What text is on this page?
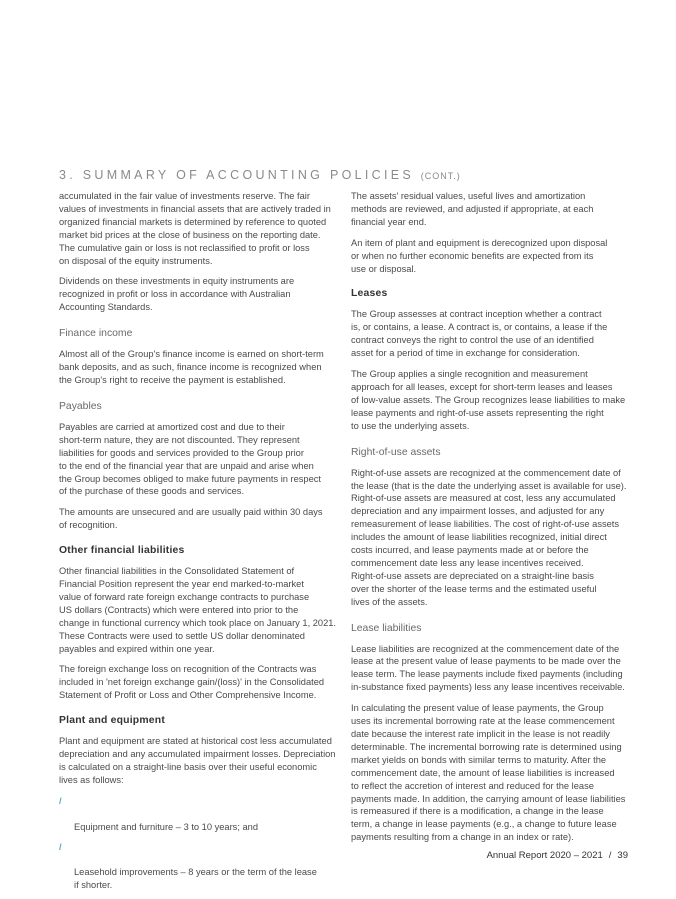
3. SUMMARY OF ACCOUNTING POLICIES (CONT.)

accumulated in the fair value of investments reserve. The fair
values of investments in financial assets that are actively traded in
organized financial markets is determined by reference to quoted
market bid prices at the close of business on the reporting date.
The cumulative gain or loss is not reclassified to profit or loss
on disposal of the equity instruments.

Dividends on these investments in equity instruments are
recognized in profit or loss in accordance with Australian
Accounting Standards.

Finance income

Almost all of the Group's finance income is earned on short-term
bank deposits, and as such, finance income is recognized when
the Group's right to receive the payment is established.

Payables

Payables are carried at amortized cost and due to their
short-term nature, they are not discounted. They represent
liabilities for goods and services provided to the Group prior
to the end of the financial year that are unpaid and arise when
the Group becomes obliged to make future payments in respect
of the purchase of these goods and services.

The amounts are unsecured and are usually paid within 30 days
of recognition.

Other financial liabilities

Other financial liabilities in the Consolidated Statement of
Financial Position represent the year end marked-to-market
value of forward rate foreign exchange contracts to purchase
US dollars (Contracts) which were entered into prior to the
change in functional currency which took place on January 1, 2021.
These Contracts were used to settle US dollar denominated
payables and expired within one year.

The foreign exchange loss on recognition of the Contracts was
included in 'net foreign exchange gain/(loss)' in the Consolidated
Statement of Profit or Loss and Other Comprehensive Income.

Plant and equipment

Plant and equipment are stated at historical cost less accumulated
depreciation and any accumulated impairment losses. Depreciation
is calculated on a straight-line basis over their useful economic
lives as follows:

/

Equipment and furniture – 3 to 10 years; and

/

Leasehold improvements – 8 years or the term of the lease
if shorter.

The assets' residual values, useful lives and amortization
methods are reviewed, and adjusted if appropriate, at each
financial year end.

An item of plant and equipment is derecognized upon disposal
or when no further economic benefits are expected from its
use or disposal.

Leases

The Group assesses at contract inception whether a contract
is, or contains, a lease. A contract is, or contains, a lease if the
contract conveys the right to control the use of an identified
asset for a period of time in exchange for consideration.

The Group applies a single recognition and measurement
approach for all leases, except for short-term leases and leases
of low-value assets. The Group recognizes lease liabilities to make
lease payments and right-of-use assets representing the right
to use the underlying assets.

Right-of-use assets

Right-of-use assets are recognized at the commencement date of
the lease (that is the date the underlying asset is available for use).
Right-of-use assets are measured at cost, less any accumulated
depreciation and any impairment losses, and adjusted for any
remeasurement of lease liabilities. The cost of right-of-use assets
includes the amount of lease liabilities recognized, initial direct
costs incurred, and lease payments made at or before the
commencement date less any lease incentives received.
Right-of-use assets are depreciated on a straight-line basis
over the shorter of the lease terms and the estimated useful
lives of the assets.

Lease liabilities

Lease liabilities are recognized at the commencement date of the
lease at the present value of lease payments to be made over the
lease term. The lease payments include fixed payments (including
in-substance fixed payments) less any lease incentives receivable.

In calculating the present value of lease payments, the Group
uses its incremental borrowing rate at the lease commencement
date because the interest rate implicit in the lease is not readily
determinable. The incremental borrowing rate is determined using
market yields on bonds with similar terms to maturity. After the
commencement date, the amount of lease liabilities is increased
to reflect the accretion of interest and reduced for the lease
payments made. In addition, the carrying amount of lease liabilities
is remeasured if there is a modification, a change in the lease
term, a change in lease payments (e.g., a change to future lease
payments resulting from a change in an index or rate).

Annual Report 2020 – 2021 / 39
